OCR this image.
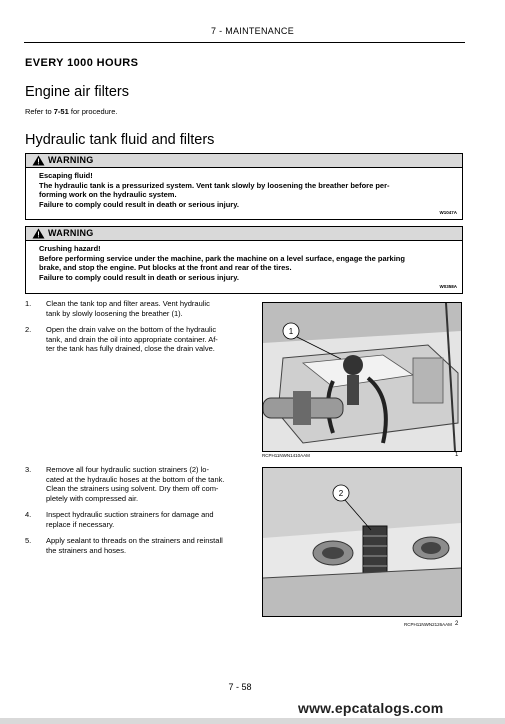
7 - MAINTENANCE
EVERY 1000 HOURS
Engine air filters
Refer to 7-51 for procedure.
Hydraulic tank fluid and filters
WARNING
Escaping fluid!
The hydraulic tank is a pressurized system. Vent tank slowly by loosening the breather before per-
forming work on the hydraulic system.
Failure to comply could result in death or serious injury.
W1047A
WARNING
Crushing hazard!
Before performing service under the machine, park the machine on a level surface, engage the parking
brake, and stop the engine. Put blocks at the front and rear of the tires.
Failure to comply could result in death or serious injury.
W0358A
1. Clean the tank top and filter areas. Vent hydraulic
tank by slowly loosening the breather (1).
2. Open the drain valve on the bottom of the hydraulic
tank, and drain the oil into appropriate container. Af-
ter the tank has fully drained, close the drain valve.
1
RCPH11NWN1410AAM	1
3. Remove all four hydraulic suction strainers (2) lo-
cated at the hydraulic hoses at the bottom of the tank.
Clean the strainers using solvent. Dry them off com-
pletely with compressed air.
4. Inspect hydraulic suction strainers for damage and
replace if necessary.
5. Apply sealant to threads on the strainers and reinstall
the strainers and hoses.
2
RCPH11NWN2126AAM 2
7 - 58
www.epcatalogs.com
